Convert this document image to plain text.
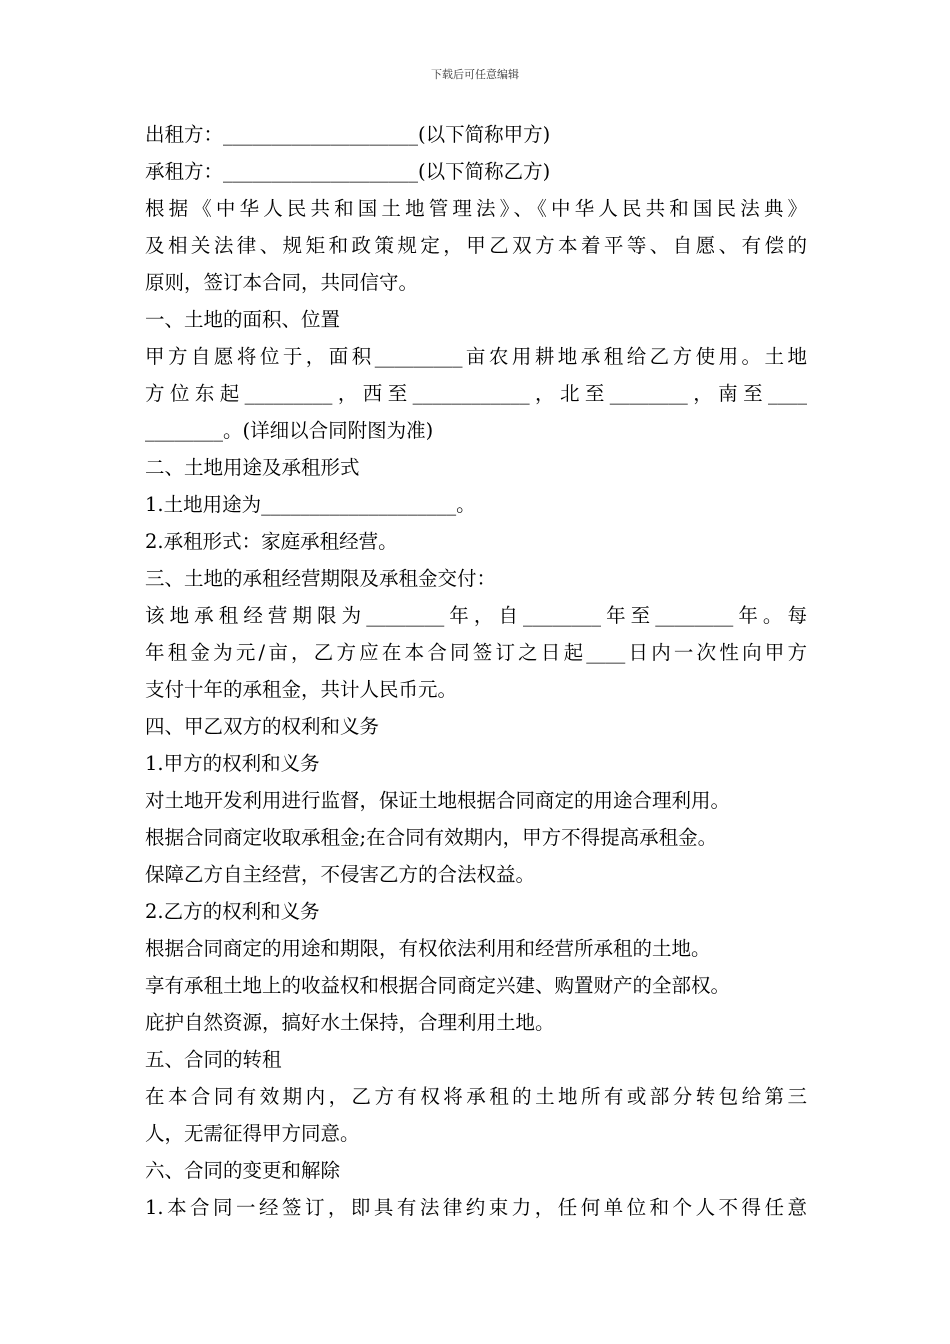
下载后可任意编辑
出租方：____________________(以下简称甲方)
承租方：____________________(以下简称乙方)
根据《中华人民共和国土地管理法》、《中华人民共和国民法典》
及相关法律、规矩和政策规定，甲乙双方本着平等、自愿、有偿的
原则，签订本合同，共同信守。
一、土地的面积、位置
甲方自愿将位于，面积_________亩农用耕地承租给乙方使用。土地
方位东起_________，西至____________，北至________，南至____
________。(详细以合同附图为准)
二、土地用途及承租形式
1.土地用途为____________________。
2.承租形式：家庭承租经营。
三、土地的承租经营期限及承租金交付：
该地承租经营期限为________年，自________年至________年。每
年租金为元/亩，乙方应在本合同签订之日起____日内一次性向甲方
支付十年的承租金，共计人民币元。
四、甲乙双方的权利和义务
1.甲方的权利和义务
对土地开发利用进行监督，保证土地根据合同商定的用途合理利用。
根据合同商定收取承租金;在合同有效期内，甲方不得提高承租金。
保障乙方自主经营，不侵害乙方的合法权益。
2.乙方的权利和义务
根据合同商定的用途和期限，有权依法利用和经营所承租的土地。
享有承租土地上的收益权和根据合同商定兴建、购置财产的全部权。
庇护自然资源，搞好水土保持，合理利用土地。
五、合同的转租
在本合同有效期内，乙方有权将承租的土地所有或部分转包给第三
人，无需征得甲方同意。
六、合同的变更和解除
1.本合同一经签订，即具有法律约束力，任何单位和个人不得任意
